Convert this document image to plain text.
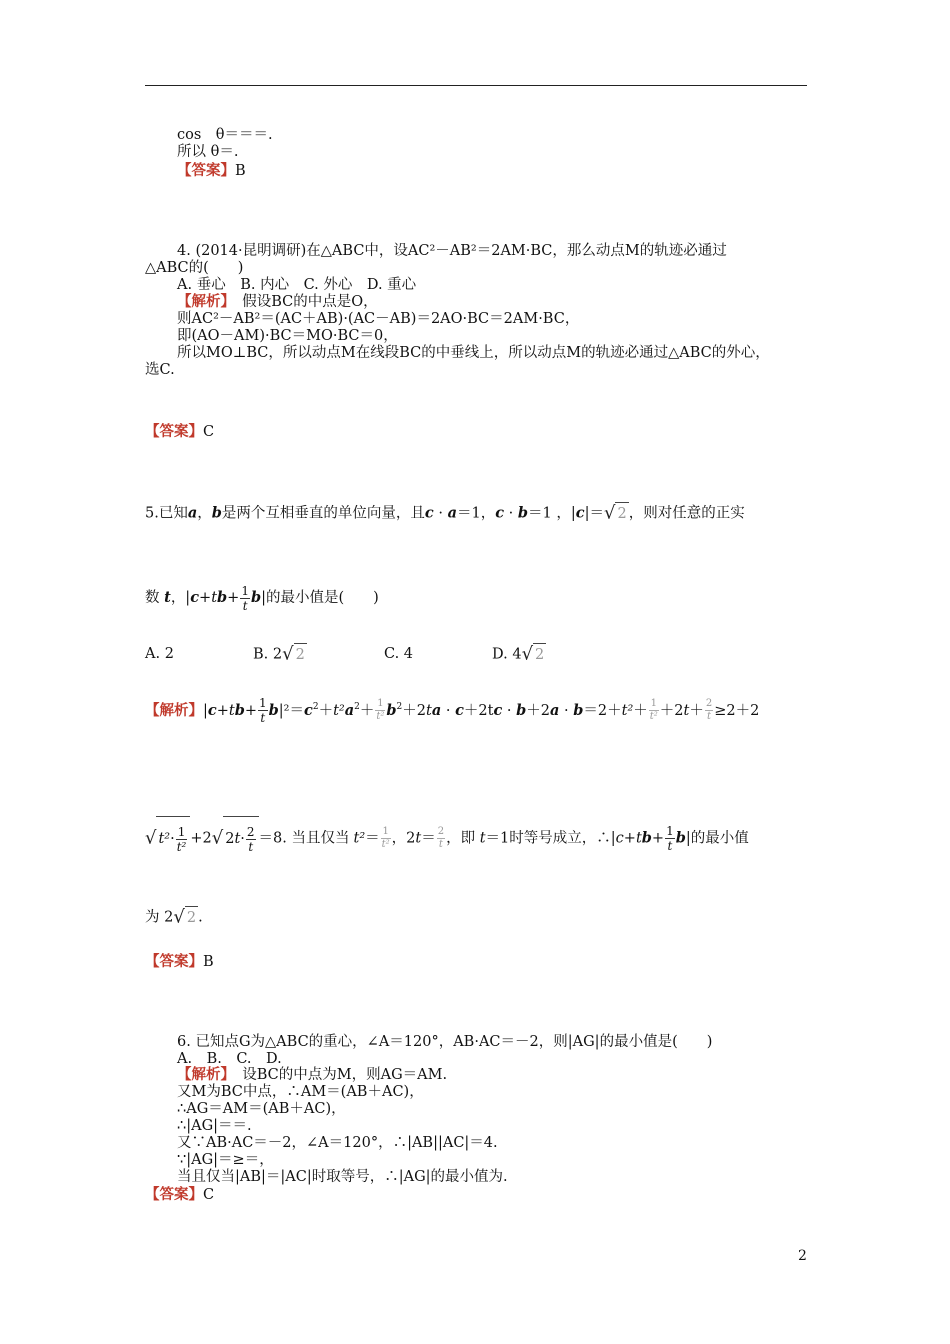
cos　θ＝＝＝.
所以 θ＝.
【答案】B
4. (2014·昆明调研)在△ABC中，设AC²－AB²＝2AM·BC，那么动点M的轨迹必通过
△ABC的(　　)
A. 垂心　B. 内心　C. 外心　D. 重心
【解析】　假设BC的中点是O，
则AC²－AB²＝(AC＋AB)·(AC－AB)＝2AO·BC＝2AM·BC，
即(AO－AM)·BC＝MO·BC＝0，
所以MO⊥BC，所以动点M在线段BC的中垂线上，所以动点M的轨迹必通过△ABC的外心，
选C.
【答案】C
5.已知a，b是两个互相垂直的单位向量，且c · a＝1，c · b＝1 ，|c|＝√ 2 ，则对任意的正实
数 t，$|c+tb+ \frac{1}{t} b|$的最小值是(　　)
A. 2	B. 2√ 2	C. 4	D. 4√ 2
【解析】$|c+tb+ \frac{1}{t} b|^2=c^2+t^2a^2+ \frac{1}{\text{t²}} b^2+2ta \cdot c+2tc \cdot b+2a \cdot b=2+t^2+ \frac{1}{\text{t²}} +2t+ \frac{2}{t} \ge 2+2$
√ $t^2\cdot \frac{1}{\text{t²}} +2√$ $2t\cdot \frac{2}{t} =8$. 当且仅当 $t^2= \frac{1}{\text{t²}}$ ，$2t= \frac{2}{t}$ ，即 t＝1时等号成立，∴|c+tb+ $\frac{1}{t} b|$的最小值
为 2√ 2 .
【答案】B
6. 已知点G为△ABC的重心，∠A＝120°，AB·AC＝－2，则|AG|的最小值是(　　)
A.　B.　C.　D.
【解析】　设BC的中点为M，则AG＝AM.
又M为BC中点，∴AM＝(AB＋AC)，
∴AG＝AM＝(AB＋AC)，
∴|AG|＝＝.
又∵AB·AC＝－2，∠A＝120°，∴|AB||AC|＝4.
∵|AG|＝≥＝，
当且仅当|AB|＝|AC|时取等号，∴|AG|的最小值为.
【答案】C
2
